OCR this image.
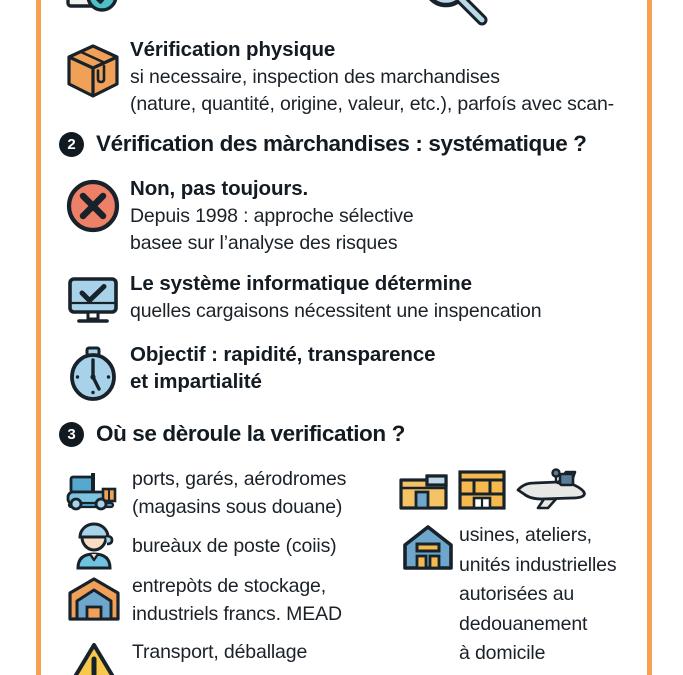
Vérification physique
si necessaire, inspection des marchandises
(nature, quantité, origine, valeur, etc.), parfoís avec scan-
2 Vérification des màrchandises : systématique ?
Non, pas toujours.
Depuis 1998 : approche sélective
basee sur l’analyse des risques
Le système informatique détermine
quelles cargaisons nécessitent une inspencation
Objectif : rapidité, transparence
et impartialité
3 Où se dèroule la verification ?
ports, garés, aérodromes
(magasins sous douane)
bureàux de poste (coiis)
entrepòts de stockage,
industriels francs. MEAD
Transport, déballage
usines, ateliers,
unités industrielles
autorisées au
dedouanement
à domicile
